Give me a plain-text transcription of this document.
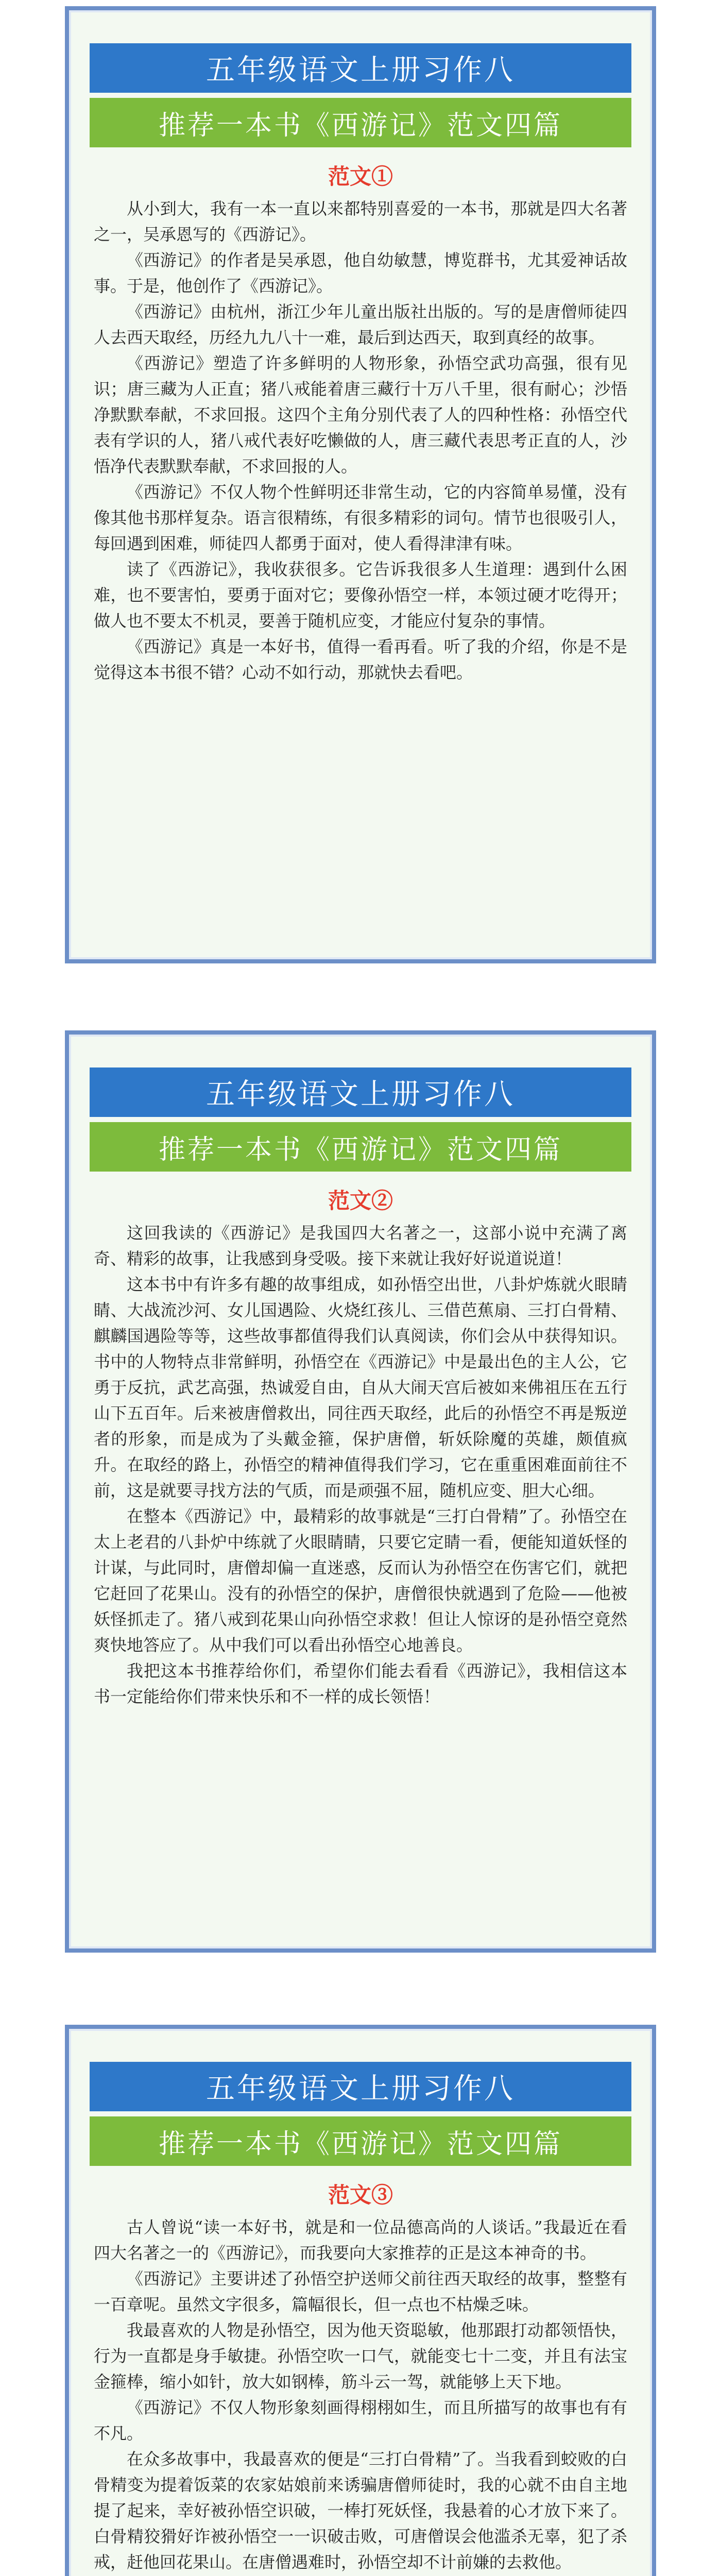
五年级语文上册习作八
推荐一本书《西游记》范文四篇
范文①

从小到大，我有一本一直以来都特别喜爱的一本书，那就是四大名著之一，吴承恩写的《西游记》。

《西游记》的作者是吴承恩，他自幼敏慧，博览群书，尤其爱神话故事。于是，他创作了《西游记》。

《西游记》由杭州，浙江少年儿童出版社出版的。写的是唐僧师徒四人去西天取经，历经九九八十一难，最后到达西天，取到真经的故事。

《西游记》塑造了许多鲜明的人物形象，孙悟空武功高强，很有见识；唐三藏为人正直；猪八戒能着唐三藏行十万八千里，很有耐心；沙悟净默默奉献，不求回报。这四个主角分别代表了人的四种性格：孙悟空代表有学识的人，猪八戒代表好吃懒做的人，唐三藏代表思考正直的人，沙悟净代表默默奉献，不求回报的人。

《西游记》不仅人物个性鲜明还非常生动，它的内容简单易懂，没有像其他书那样复杂。语言很精练，有很多精彩的词句。情节也很吸引人，每回遇到困难，师徒四人都勇于面对，使人看得津津有味。

读了《西游记》，我收获很多。它告诉我很多人生道理：遇到什么困难，也不要害怕，要勇于面对它；要像孙悟空一样，本领过硬才吃得开；做人也不要太不机灵，要善于随机应变，才能应付复杂的事情。

《西游记》真是一本好书，值得一看再看。听了我的介绍，你是不是觉得这本书很不错？心动不如行动，那就快去看吧。

五年级语文上册习作八
推荐一本书《西游记》范文四篇
范文②

这回我读的《西游记》是我国四大名著之一，这部小说中充满了离奇、精彩的故事，让我感到身受吸。接下来就让我好好说道说道！

这本书中有许多有趣的故事组成，如孙悟空出世，八卦炉炼就火眼睛睛、大战流沙河、女儿国遇险、火烧红孩儿、三借芭蕉扇、三打白骨精、麒麟国遇险等等，这些故事都值得我们认真阅读，你们会从中获得知识。书中的人物特点非常鲜明，孙悟空在《西游记》中是最出色的主人公，它勇于反抗，武艺高强，热诚爱自由，自从大闹天宫后被如来佛祖压在五行山下五百年。后来被唐僧救出，同往西天取经，此后的孙悟空不再是叛逆者的形象，而是成为了头戴金箍，保护唐僧，斩妖除魔的英雄，颇值疯升。在取经的路上，孙悟空的精神值得我们学习，它在重重困难面前往不前，这是就要寻找方法的气质，而是顽强不屈，随机应变、胆大心细。

在整本《西游记》中，最精彩的故事就是“三打白骨精”了。孙悟空在太上老君的八卦炉中练就了火眼睛睛，只要它定睛一看，便能知道妖怪的计谋，与此同时，唐僧却偏一直迷惑，反而认为孙悟空在伤害它们，就把它赶回了花果山。没有的孙悟空的保护，唐僧很快就遇到了危险——他被妖怪抓走了。猪八戒到花果山向孙悟空求救！但让人惊讶的是孙悟空竟然爽快地答应了。从中我们可以看出孙悟空心地善良。

我把这本书推荐给你们，希望你们能去看看《西游记》，我相信这本书一定能给你们带来快乐和不一样的成长领悟！

五年级语文上册习作八
推荐一本书《西游记》范文四篇
范文③

古人曾说“读一本好书，就是和一位品德高尚的人谈话。”我最近在看四大名著之一的《西游记》，而我要向大家推荐的正是这本神奇的书。

《西游记》主要讲述了孙悟空护送师父前往西天取经的故事，整整有一百章呢。虽然文字很多，篇幅很长，但一点也不枯燥乏味。

我最喜欢的人物是孙悟空，因为他天资聪敏，他那跟打动都领悟快，行为一直都是身手敏捷。孙悟空吹一口气，就能变七十二变，并且有法宝金箍棒，缩小如针，放大如钢棒，筋斗云一驾，就能够上天下地。

《西游记》不仅人物形象刻画得栩栩如生，而且所描写的故事也有有不凡。

在众多故事中，我最喜欢的便是“三打白骨精”了。当我看到蛟败的白骨精变为提着饭菜的农家姑娘前来诱骗唐僧师徒时，我的心就不由自主地提了起来，幸好被孙悟空识破，一棒打死妖怪，我悬着的心才放下来了。白骨精狡猾好诈被孙悟空一一识破击败，可唐僧误会他滥杀无辜，犯了杀戒，赶他回花果山。在唐僧遇难时，孙悟空却不计前嫌的去救他。
